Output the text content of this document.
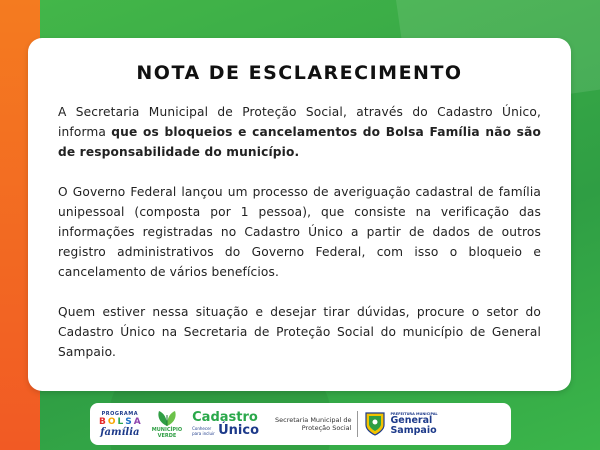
NOTA DE ESCLARECIMENTO

A Secretaria Municipal de Proteção Social, através do Cadastro Único, informa que os bloqueios e cancelamentos do Bolsa Família não são de responsabilidade do município.

O Governo Federal lançou um processo de averiguação cadastral de família unipessoal (composta por 1 pessoa), que consiste na verificação das informações registradas no Cadastro Único a partir de dados de outros registro administrativos do Governo Federal, com isso o bloqueio e cancelamento de vários benefícios.

Quem estiver nessa situação e desejar tirar dúvidas, procure o setor do Cadastro Único na Secretaria de Proteção Social do município de General Sampaio.

PROGRAMA
B O L S A
família MUNICÍPIO
VERDE
Cadastro
Conhecer para incluir Único
Secretaria Municipal de
Proteção Social
PREFEITURA MUNICIPAL
General
Sampaio
